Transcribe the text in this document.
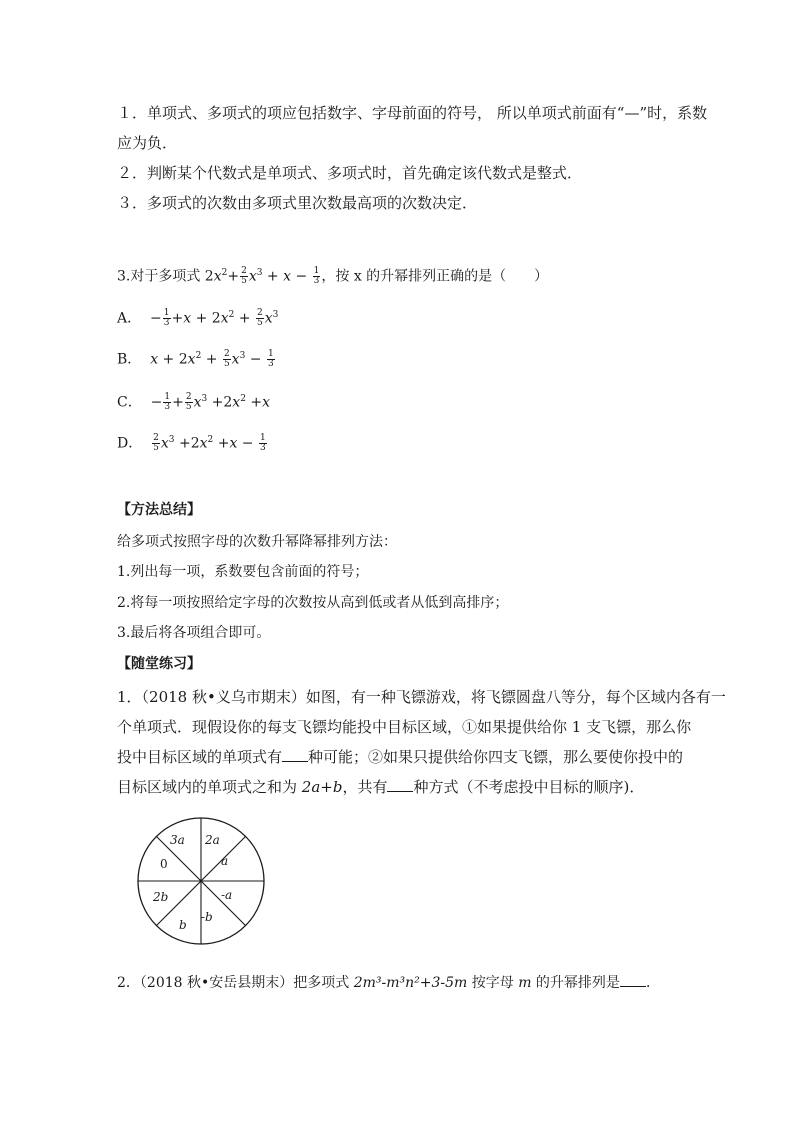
１．单项式、多项式的项应包括数字、字母前面的符号， 所以单项式前面有“—”时，系数
应为负．
２．判断某个代数式是单项式、多项式时，首先确定该代数式是整式．
３．多项式的次数由多项式里次数最高项的次数决定．
3.对于多项式 $2x^2+ \frac{2}{5} x^3 + x - \frac{1}{3}$ ，按 x 的升幂排列正确的是（　　）
A．  − $\frac{1}{3} +x + 2x^2 + \frac{2}{5} x^3$
B． $x + 2x^2 + \frac{2}{5} x^3 - \frac{1}{3}$
C．  − $\frac{1}{3} + \frac{2}{5} x^3 +2x^2 +x$
D． $\frac{2}{5} x^3 +2x^2 +x - \frac{1}{3}$
【方法总结】
给多项式按照字母的次数升幂降幂排列方法：
1.列出每一项，系数要包含前面的符号；
2.将每一项按照给定字母的次数按从高到低或者从低到高排序；
3.最后将各项组合即可。
【随堂练习】
1．（2018 秋•义乌市期末）如图，有一种飞镖游戏，将飞镖圆盘八等分，每个区域内各有一
个单项式．现假设你的每支飞镖均能投中目标区域，①如果提供给你 1 支飞镖，那么你
投中目标区域的单项式有 种可能；②如果只提供给你四支飞镖，那么要使你投中的
目标区域内的单项式之和为 2a+b，共有 种方式（不考虑投中目标的顺序)．
3a 2a
a
-a
-b
b
2b
0
2．（2018 秋•安岳县期末）把多项式 2m³-m³n²+3-5m 按字母 m 的升幂排列是 ．
